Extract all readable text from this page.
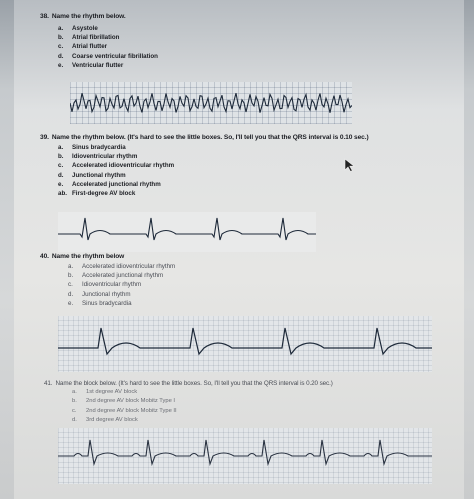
38. Name the rhythm below.
a.	Asystole
b.	Atrial fibrillation
c.	Atrial flutter
d.	Coarse ventricular fibrillation
e.	Ventricular flutter
39. Name the rhythm below. (It's hard to see the little boxes. So, I'll tell you that the QRS interval is 0.10 sec.)
a.	Sinus bradycardia
b.	Idioventricular rhythm
c.	Accelerated idioventricular rhythm
d.	Junctional rhythm
e.	Accelerated junctional rhythm
ab. First-degree AV block
40. Name the rhythm below
a.	Accelerated idioventricular rhythm
b.	Accelerated junctional rhythm
c.	Idioventricular rhythm
d.	Junctional rhythm
e.	Sinus bradycardia
41. Name the block below. (It's hard to see the little boxes. So, I'll tell you that the QRS interval is 0.20 sec.)
a.	1st degree AV block
b.	2nd degree AV block Mobitz Type I
c.	2nd degree AV block Mobitz Type II
d.	3rd degree AV block
